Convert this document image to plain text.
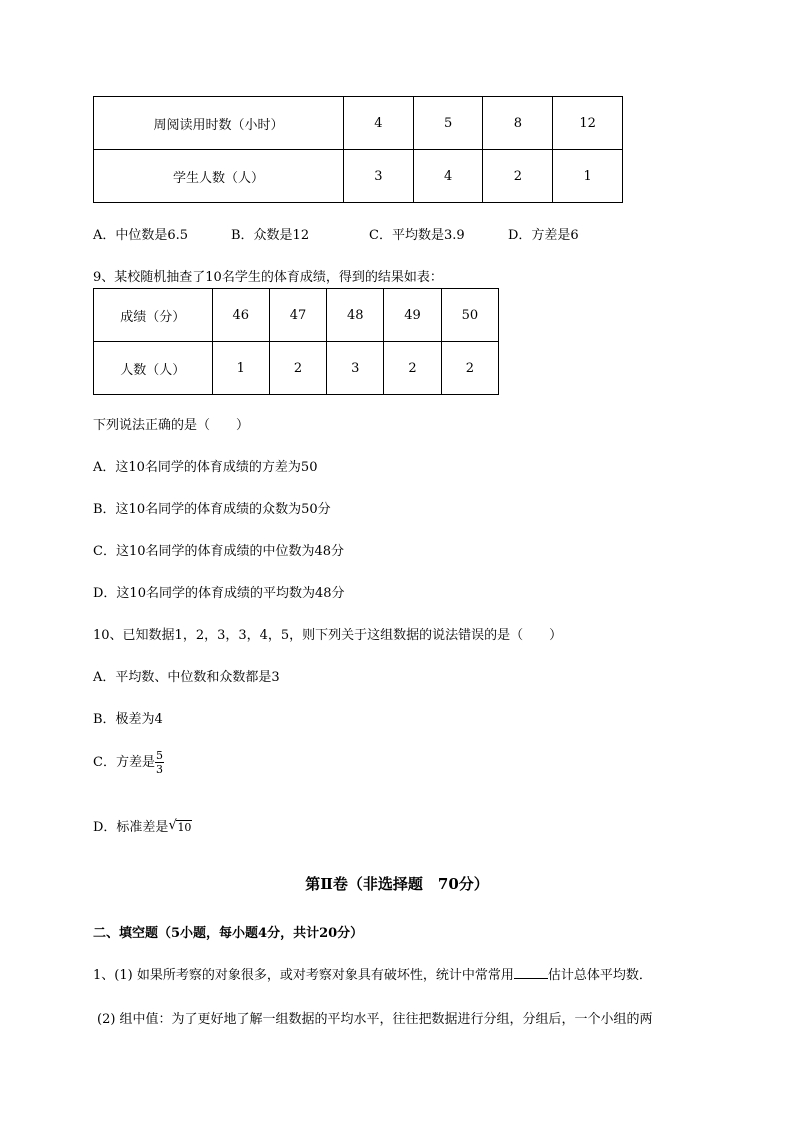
周阅读用时数（小时）	4	5	8	12
学生人数（人）	3	4	2	1
A．中位数是6.5	B．众数是12	C．平均数是3.9	D．方差是6
9、某校随机抽查了10名学生的体育成绩，得到的结果如表：
成绩（分）	46	47	48	49	50
人数（人）	1	2	3	2	2
下列说法正确的是（　　）
A．这10名同学的体育成绩的方差为50
B．这10名同学的体育成绩的众数为50分
C．这10名同学的体育成绩的中位数为48分
D．这10名同学的体育成绩的平均数为48分
10、已知数据1，2，3，3，4，5，则下列关于这组数据的说法错误的是（　　）
A．平均数、中位数和众数都是3
B．极差为4
C．方差是 $\frac{5}{3}$
D．标准差是 √ 10
第Ⅱ卷（非选择题　70分）
二、填空题（5小题，每小题4分，共计20分）
1、(1) 如果所考察的对象很多，或对考察对象具有破坏性，统计中常常用	估计总体平均数．
(2) 组中值：为了更好地了解一组数据的平均水平，往往把数据进行分组，分组后，一个小组的两
